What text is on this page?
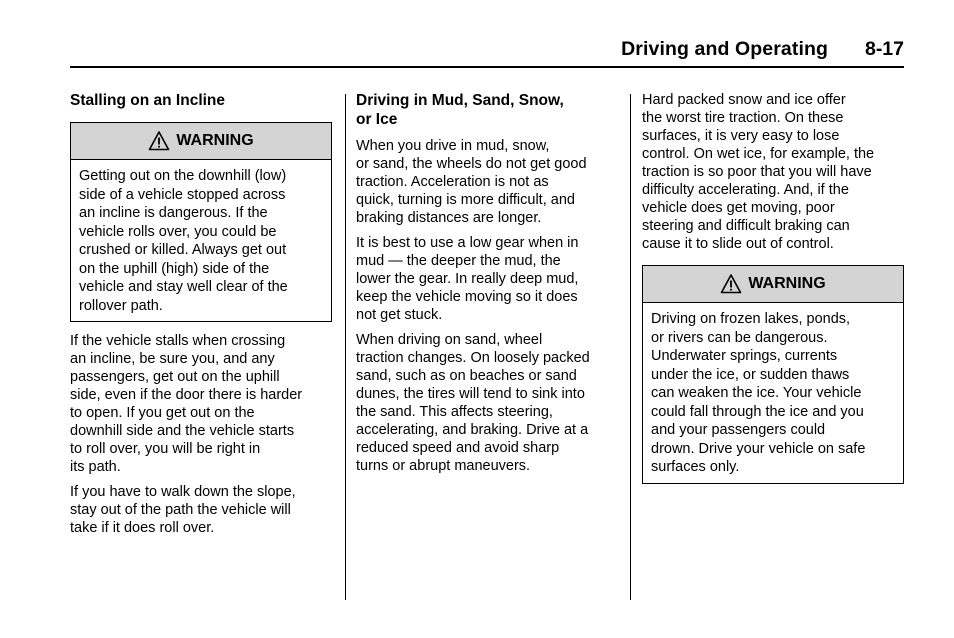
Driving and Operating 8-17
Stalling on an Incline
WARNING
Getting out on the downhill (low)
side of a vehicle stopped across
an incline is dangerous. If the
vehicle rolls over, you could be
crushed or killed. Always get out
on the uphill (high) side of the
vehicle and stay well clear of the
rollover path.

If the vehicle stalls when crossing
an incline, be sure you, and any
passengers, get out on the uphill
side, even if the door there is harder
to open. If you get out on the
downhill side and the vehicle starts
to roll over, you will be right in
its path.

If you have to walk down the slope,
stay out of the path the vehicle will
take if it does roll over.

Driving in Mud, Sand, Snow,
or Ice

When you drive in mud, snow,
or sand, the wheels do not get good
traction. Acceleration is not as
quick, turning is more difficult, and
braking distances are longer.

It is best to use a low gear when in
mud — the deeper the mud, the
lower the gear. In really deep mud,
keep the vehicle moving so it does
not get stuck.

When driving on sand, wheel
traction changes. On loosely packed
sand, such as on beaches or sand
dunes, the tires will tend to sink into
the sand. This affects steering,
accelerating, and braking. Drive at a
reduced speed and avoid sharp
turns or abrupt maneuvers.

Hard packed snow and ice offer
the worst tire traction. On these
surfaces, it is very easy to lose
control. On wet ice, for example, the
traction is so poor that you will have
difficulty accelerating. And, if the
vehicle does get moving, poor
steering and difficult braking can
cause it to slide out of control.

WARNING
Driving on frozen lakes, ponds,
or rivers can be dangerous.
Underwater springs, currents
under the ice, or sudden thaws
can weaken the ice. Your vehicle
could fall through the ice and you
and your passengers could
drown. Drive your vehicle on safe
surfaces only.
